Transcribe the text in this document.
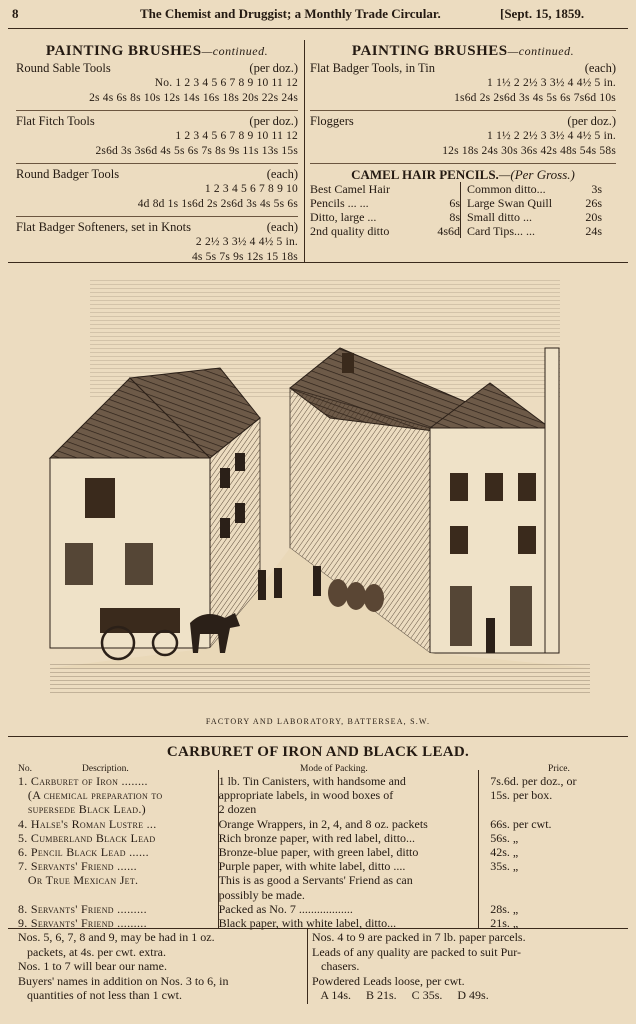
8	The Chemist and Druggist; a Monthly Trade Circular.	[Sept. 15, 1859.
PAINTING BRUSHES—continued.
Round Sable Tools	(per doz.)
No. 1 2 3 4 5 6 7 8 9 10 11 12
2s 4s 6s 8s 10s 12s 14s 16s 18s 20s 22s 24s
Flat Fitch Tools	(per doz.)
1 2 3 4 5 6 7 8 9 10 11 12
2s6d 3s 3s6d 4s 5s 6s 7s 8s 9s 11s 13s 15s
Round Badger Tools	(each)
1 2 3 4 5 6 7 8 9 10
4d 8d 1s 1s6d 2s 2s6d 3s 4s 5s 6s
Flat Badger Softeners, set in Knots	(each)
2 2½ 3 3½ 4 4½ 5 in.
4s 5s 7s 9s 12s 15 18s
PAINTING BRUSHES—continued.
Flat Badger Tools, in Tin	(each)
1 1½ 2 2½ 3 3½ 4 4½ 5 in.
1s6d 2s 2s6d 3s 4s 5s 6s 7s6d 10s
Floggers	(per doz.)
1 1½ 2 2½ 3 3½ 4 4½ 5 in.
12s 18s 24s 30s 36s 42s 48s 54s 58s
CAMEL HAIR PENCILS.—(Per Gross.)
Best Camel Hair
Pencils ... ...	6s
Ditto, large ...	8s
2nd quality ditto	4s6d
Common ditto...	3s
Large Swan Quill	26s
Small ditto ...	20s
Card Tips... ...	24s
FACTORY AND LABORATORY, BATTERSEA, S.W.
CARBURET OF IRON AND BLACK LEAD.
No.	Description.	Mode of Packing.	Price.
1. Carburet of Iron ........	1 lb. Tin Canisters, with handsome and	7s.6d. per doz., or
(A chemical preparation to	appropriate labels, in wood boxes of	15s. per box.
supersede Black Lead.)	2 dozen
4. Halse's Roman Lustre ...	Orange Wrappers, in 2, 4, and 8 oz. packets	66s. per cwt.
5. Cumberland Black Lead	Rich bronze paper, with red label, ditto...	56s. „
6. Pencil Black Lead ......	Bronze-blue paper, with green label, ditto	42s. „
7. Servants' Friend ......	Purple paper, with white label, ditto ....	35s. „
Or True Mexican Jet.	This is as good a Servants' Friend as can
possibly be made.
8. Servants' Friend .........	Packed as No. 7 ..................	28s. „
9. Servants' Friend .........	Black paper, with white label, ditto...	21s. „
Nos. 5, 6, 7, 8 and 9, may be had in 1 oz.
packets, at 4s. per cwt. extra.
Nos. 1 to 7 will bear our name.
Buyers' names in addition on Nos. 3 to 6, in
quantities of not less than 1 cwt.
Nos. 4 to 9 are packed in 7 lb. paper parcels.
Leads of any quality are packed to suit Pur-
chasers.
Powdered Leads loose, per cwt.
A 14s.     B 21s.     C 35s.     D 49s.
